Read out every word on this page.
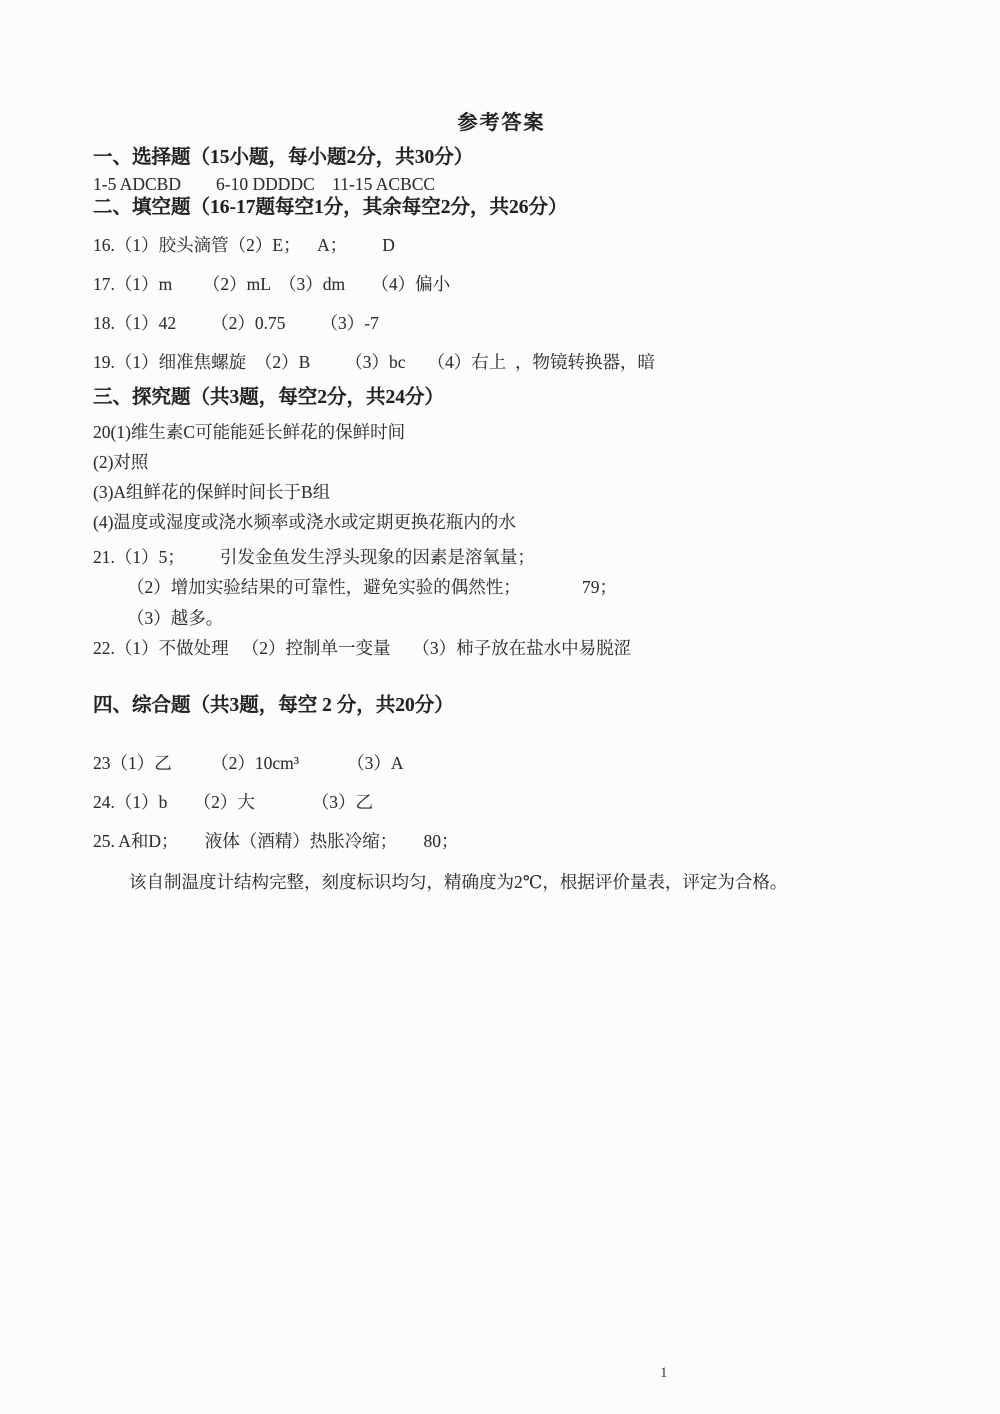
参考答案
一、选择题（15小题，每小题2分，共30分）

1-5 ADCBD        6-10 DDDDC    11-15 ACBCC

二、填空题（16-17题每空1分，其余每空2分，共26分）

16.（1）胶头滴管（2）E；    A；        D

17.（1）m       （2）mL  （3）dm      （4）偏小

18.（1）42        （2）0.75        （3）-7

19.（1）细准焦螺旋  （2）B        （3）bc     （4）右上  ，物镜转换器，暗

三、探究题（共3题，每空2分，共24分）

20(1)维生素C可能能延长鲜花的保鲜时间

(2)对照

(3)A组鲜花的保鲜时间长于B组

(4)温度或湿度或浇水频率或浇水或定期更换花瓶内的水

21.（1）5；        引发金鱼发生浮头现象的因素是溶氧量；

（2）增加实验结果的可靠性，避免实验的偶然性；              79；

（3）越多。

22.（1）不做处理   （2）控制单一变量     （3）柿子放在盐水中易脱涩

四、综合题（共3题，每空 2 分，共20分）

23（1）乙         （2）10cm³           （3）A

24.（1）b      （2）大             （3）乙

25. A和D；      液体（酒精）热胀冷缩；      80；

该自制温度计结构完整，刻度标识均匀，精确度为2℃，根据评价量表，评定为合格。

1
